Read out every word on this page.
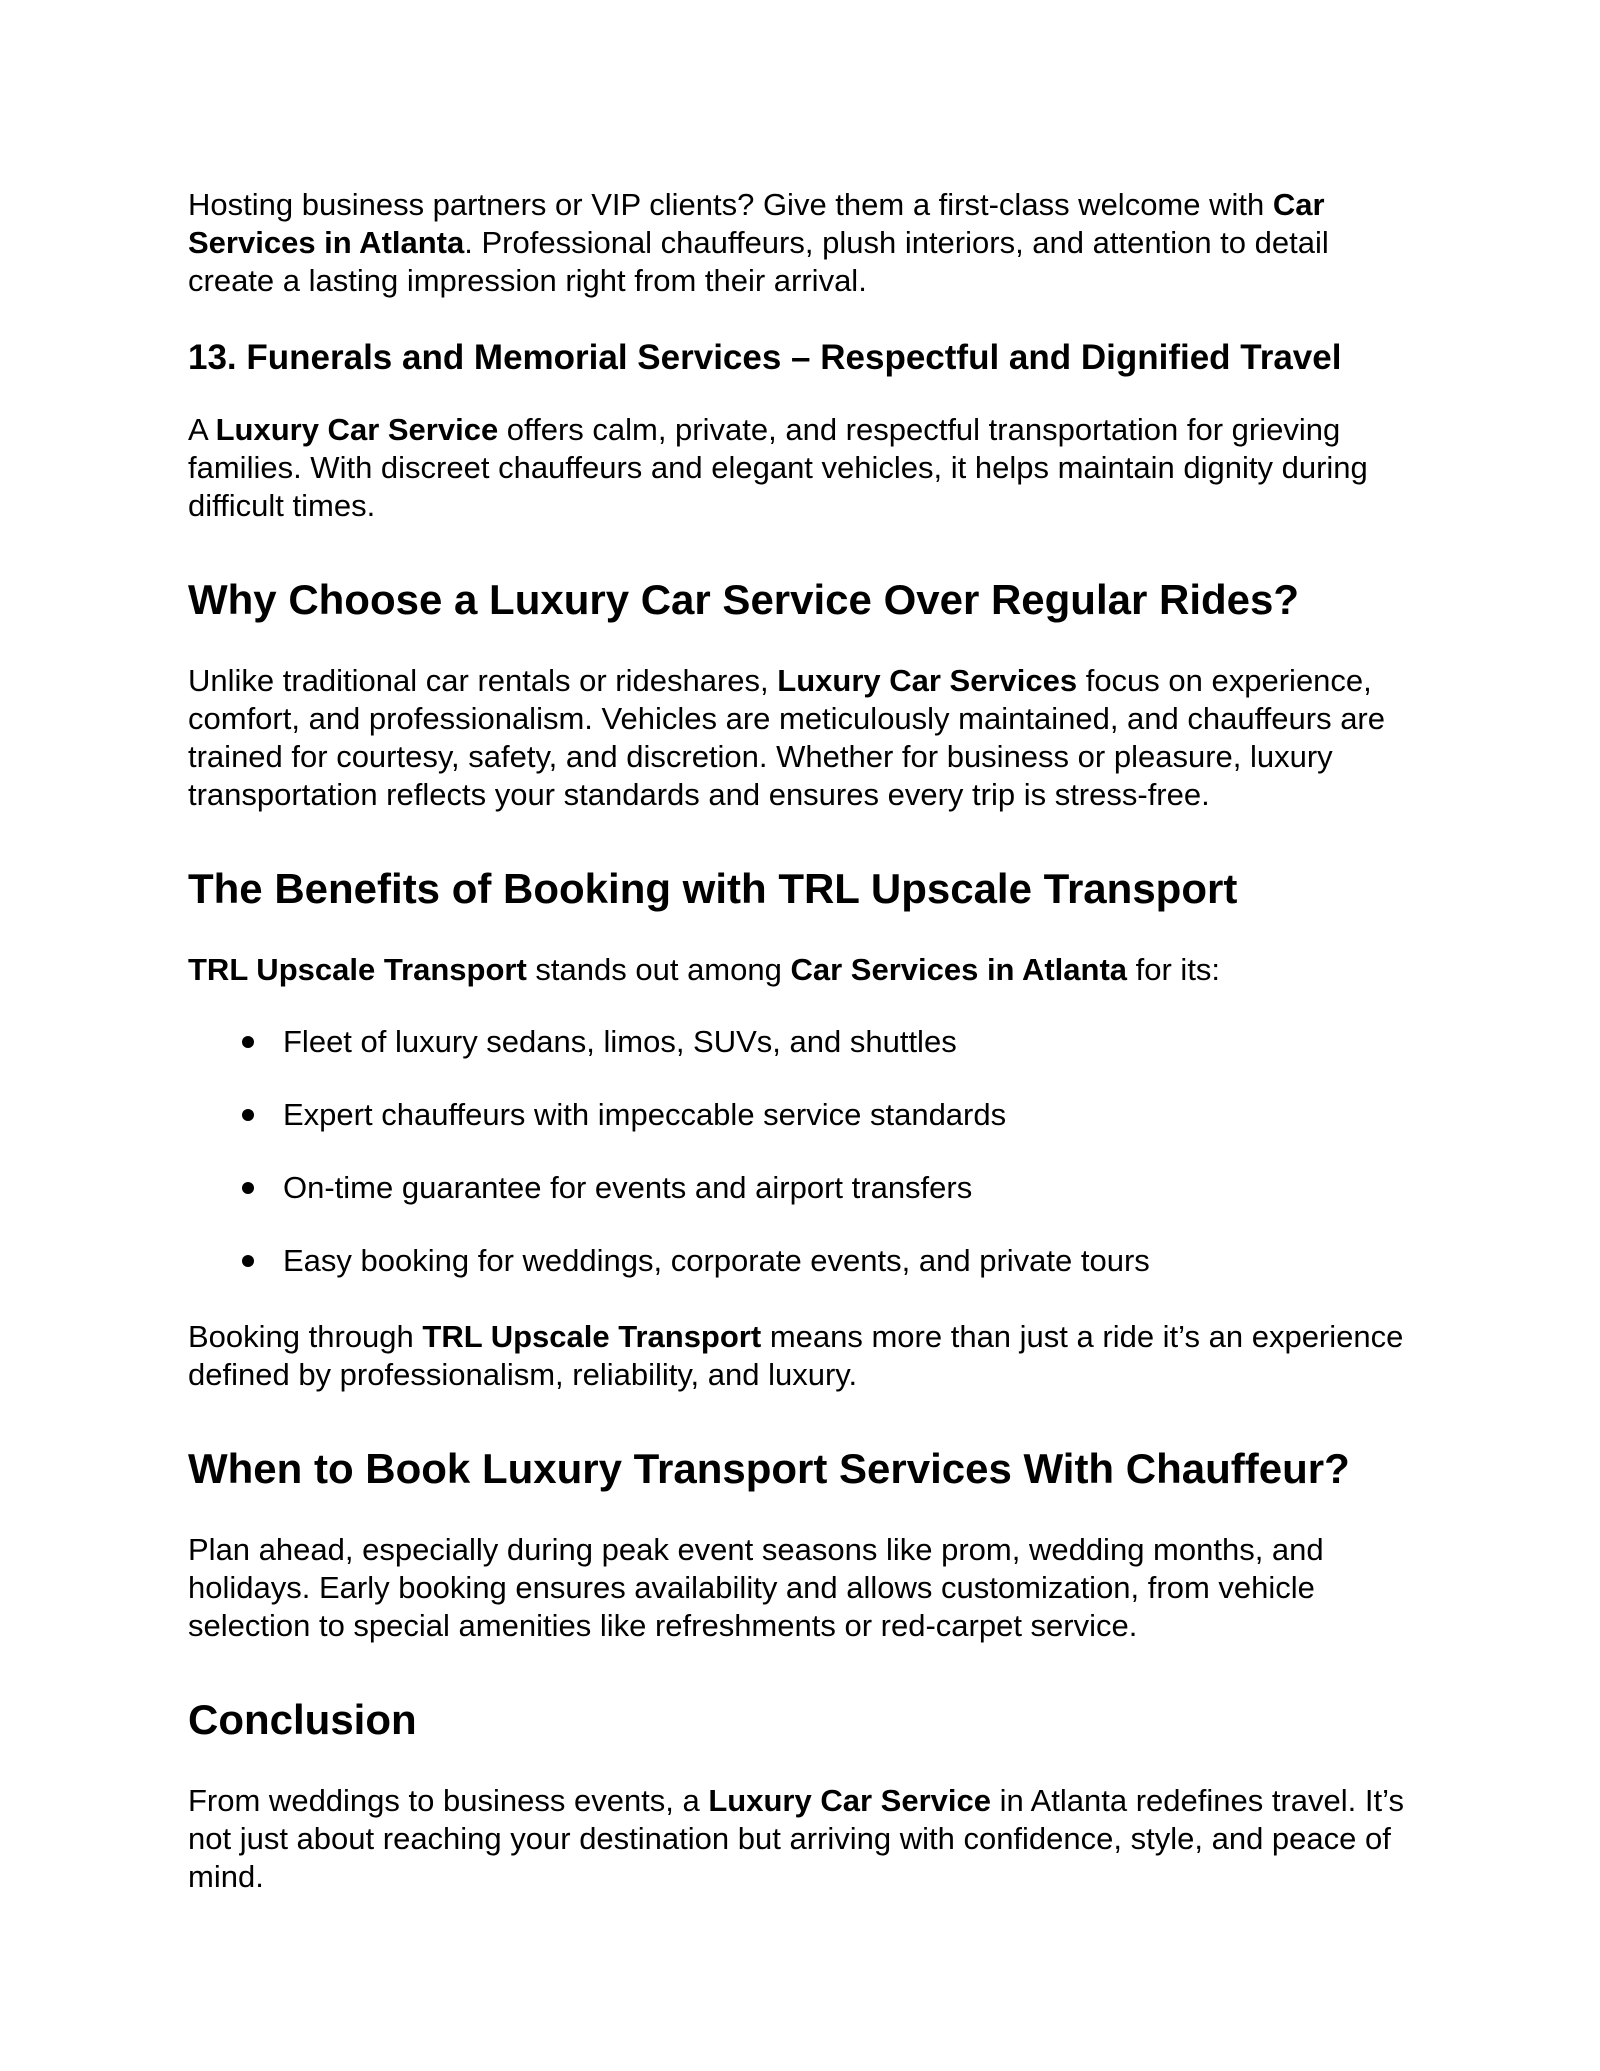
Hosting business partners or VIP clients? Give them a first-class welcome with Car Services in Atlanta. Professional chauffeurs, plush interiors, and attention to detail create a lasting impression right from their arrival.

13. Funerals and Memorial Services – Respectful and Dignified Travel

A Luxury Car Service offers calm, private, and respectful transportation for grieving families. With discreet chauffeurs and elegant vehicles, it helps maintain dignity during difficult times.

Why Choose a Luxury Car Service Over Regular Rides?

Unlike traditional car rentals or rideshares, Luxury Car Services focus on experience, comfort, and professionalism. Vehicles are meticulously maintained, and chauffeurs are trained for courtesy, safety, and discretion. Whether for business or pleasure, luxury transportation reflects your standards and ensures every trip is stress-free.

The Benefits of Booking with TRL Upscale Transport

TRL Upscale Transport stands out among Car Services in Atlanta for its:

Fleet of luxury sedans, limos, SUVs, and shuttles
Expert chauffeurs with impeccable service standards
On-time guarantee for events and airport transfers
Easy booking for weddings, corporate events, and private tours

Booking through TRL Upscale Transport means more than just a ride it’s an experience defined by professionalism, reliability, and luxury.

When to Book Luxury Transport Services With Chauffeur?

Plan ahead, especially during peak event seasons like prom, wedding months, and holidays. Early booking ensures availability and allows customization, from vehicle selection to special amenities like refreshments or red-carpet service.

Conclusion

From weddings to business events, a Luxury Car Service in Atlanta redefines travel. It’s not just about reaching your destination but arriving with confidence, style, and peace of mind.
